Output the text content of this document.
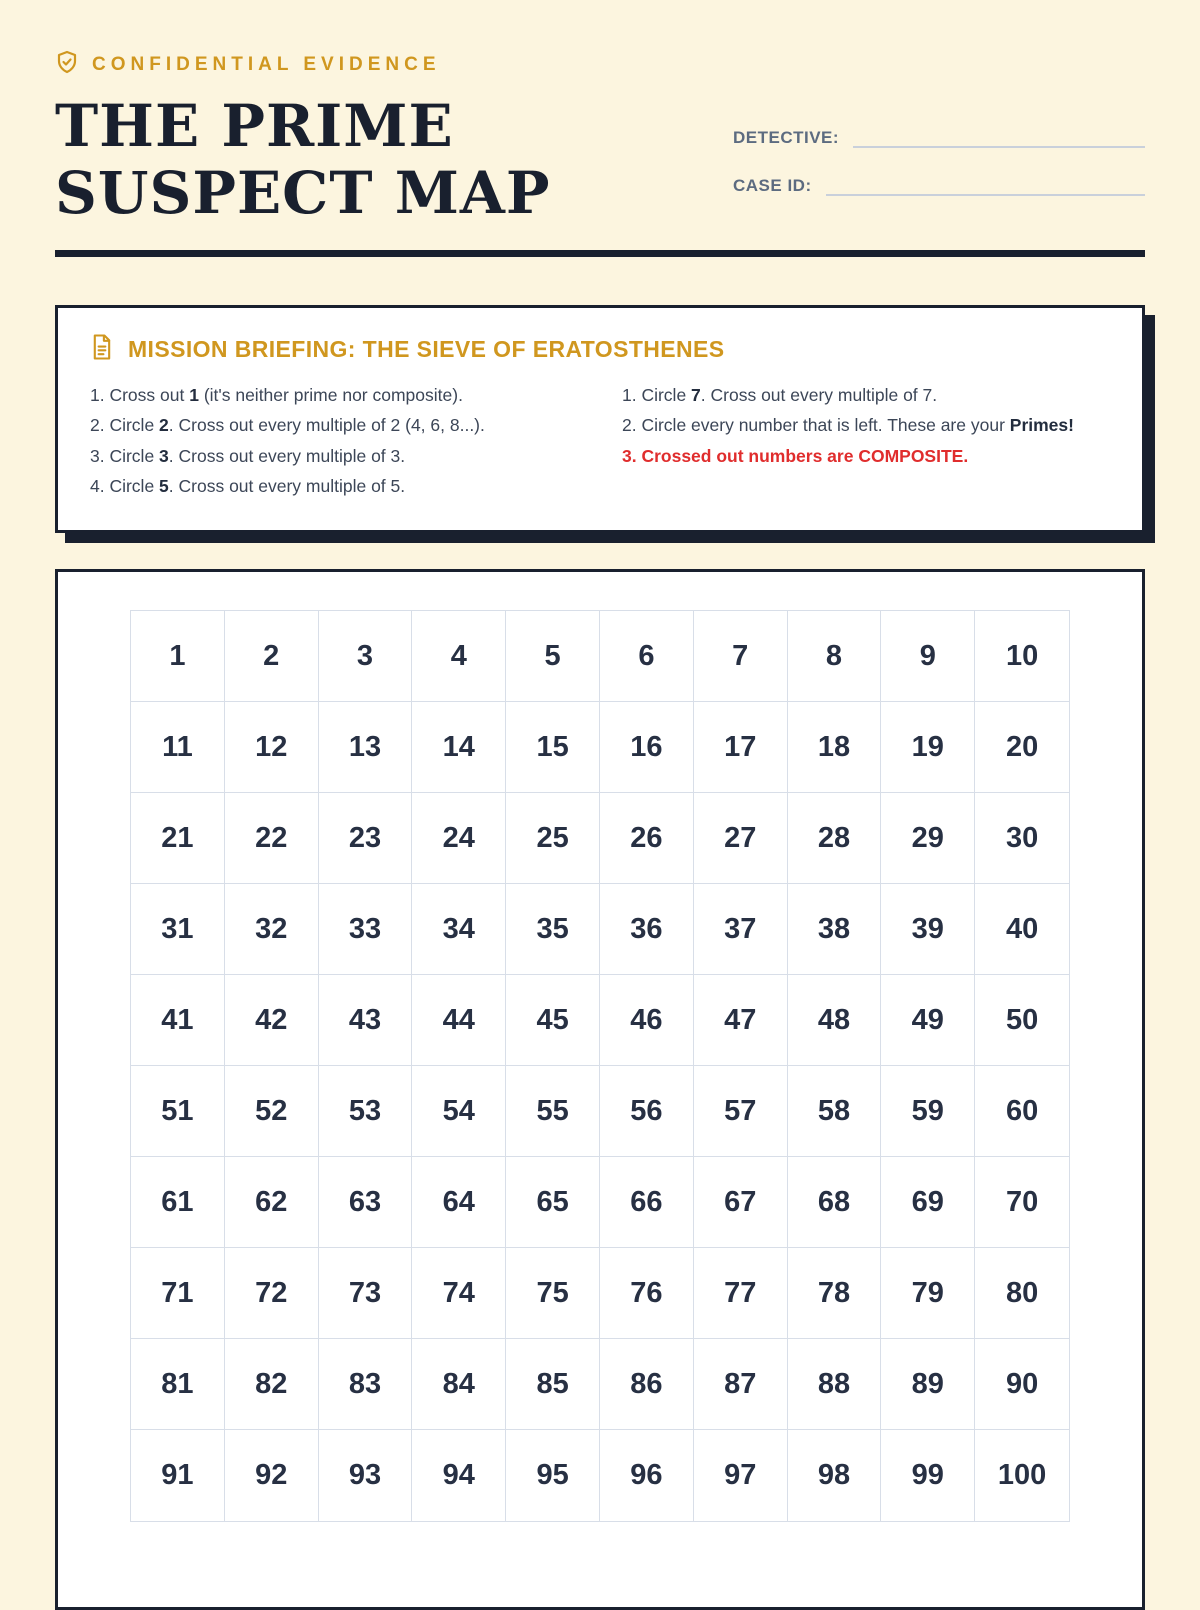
CONFIDENTIAL EVIDENCE
THE PRIME SUSPECT MAP
DETECTIVE:
CASE ID:
MISSION BRIEFING: THE SIEVE OF ERATOSTHENES
1. Cross out 1 (it's neither prime nor composite).
2. Circle 2. Cross out every multiple of 2 (4, 6, 8...).
3. Circle 3. Cross out every multiple of 3.
4. Circle 5. Cross out every multiple of 5.
1. Circle 7. Cross out every multiple of 7.
2. Circle every number that is left. These are your Primes!
3. Crossed out numbers are COMPOSITE.
1	2	3	4	5	6	7	8	9	10
11	12	13	14	15	16	17	18	19	20
21	22	23	24	25	26	27	28	29	30
31	32	33	34	35	36	37	38	39	40
41	42	43	44	45	46	47	48	49	50
51	52	53	54	55	56	57	58	59	60
61	62	63	64	65	66	67	68	69	70
71	72	73	74	75	76	77	78	79	80
81	82	83	84	85	86	87	88	89	90
91	92	93	94	95	96	97	98	99	100
